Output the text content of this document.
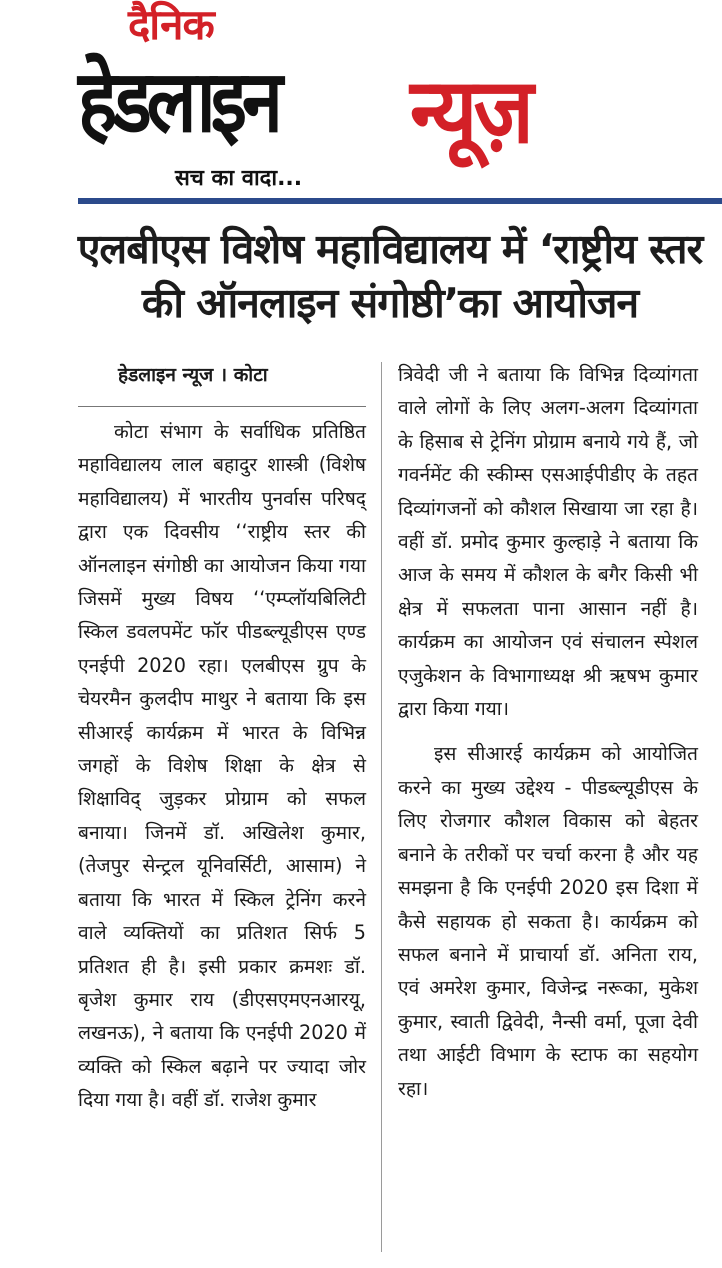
दैनिक
हेडलाइन न्यूज़
सच का वादा...
एलबीएस विशेष महाविद्यालय में ‘राष्ट्रीय स्तर की ऑनलाइन संगोष्ठी’का आयोजन
हेडलाइन न्यूज । कोटा

कोटा संभाग के सर्वाधिक प्रतिष्ठित महाविद्यालय लाल बहादुर शास्त्री (विशेष महाविद्यालय) में भारतीय पुनर्वास परिषद् द्वारा एक दिवसीय ‘‘राष्ट्रीय स्तर की ऑनलाइन संगोष्ठी का आयोजन किया गया जिसमें मुख्य विषय ‘‘एम्प्लॉयबिलिटी स्किल डवलपमेंट फॉर पीडब्ल्यूडीएस एण्ड एनईपी 2020 रहा। एलबीएस ग्रुप के चेयरमैन कुलदीप माथुर ने बताया कि इस सीआरई कार्यक्रम में भारत के विभिन्न जगहों के विशेष शिक्षा के क्षेत्र से शिक्षाविद् जुड़कर प्रोग्राम को सफल बनाया। जिनमें डॉ. अखिलेश कुमार, (तेजपुर सेन्ट्रल यूनिवर्सिटी, आसाम) ने बताया कि भारत में स्किल ट्रेनिंग करने वाले व्यक्तियों का प्रतिशत सिर्फ 5 प्रतिशत ही है। इसी प्रकार क्रमशः डॉ. बृजेश कुमार राय (डीएसएमएनआरयू, लखनऊ), ने बताया कि एनईपी 2020 में व्यक्ति को स्किल बढ़ाने पर ज्यादा जोर दिया गया है। वहीं डॉ. राजेश कुमार

त्रिवेदी जी ने बताया कि विभिन्न दिव्यांगता वाले लोगों के लिए अलग-अलग दिव्यांगता के हिसाब से ट्रेनिंग प्रोग्राम बनाये गये हैं, जो गवर्नमेंट की स्कीम्स एसआईपीडीए के तहत दिव्यांगजनों को कौशल सिखाया जा रहा है।वहीं डॉ. प्रमोद कुमार कुल्हाड़े ने बताया कि आज के समय में कौशल के बगैर किसी भी क्षेत्र में सफलता पाना आसान नहीं है। कार्यक्रम का आयोजन एवं संचालन स्पेशल एजुकेशन के विभागाध्यक्ष श्री ऋषभ कुमार द्वारा किया गया।

इस सीआरई कार्यक्रम को आयोजित करने का मुख्य उद्देश्य - पीडब्ल्यूडीएस के लिए रोजगार कौशल विकास को बेहतर बनाने के तरीकों पर चर्चा करना है और यह समझना है कि एनईपी 2020 इस दिशा में कैसे सहायक हो सकता है। कार्यक्रम को सफल बनाने में प्राचार्या डॉ. अनिता राय, एवं अमरेश कुमार, विजेन्द्र नरूका, मुकेश कुमार, स्वाती द्विवेदी, नैन्सी वर्मा, पूजा देवी तथा आईटी विभाग के स्टाफ का सहयोग रहा।
